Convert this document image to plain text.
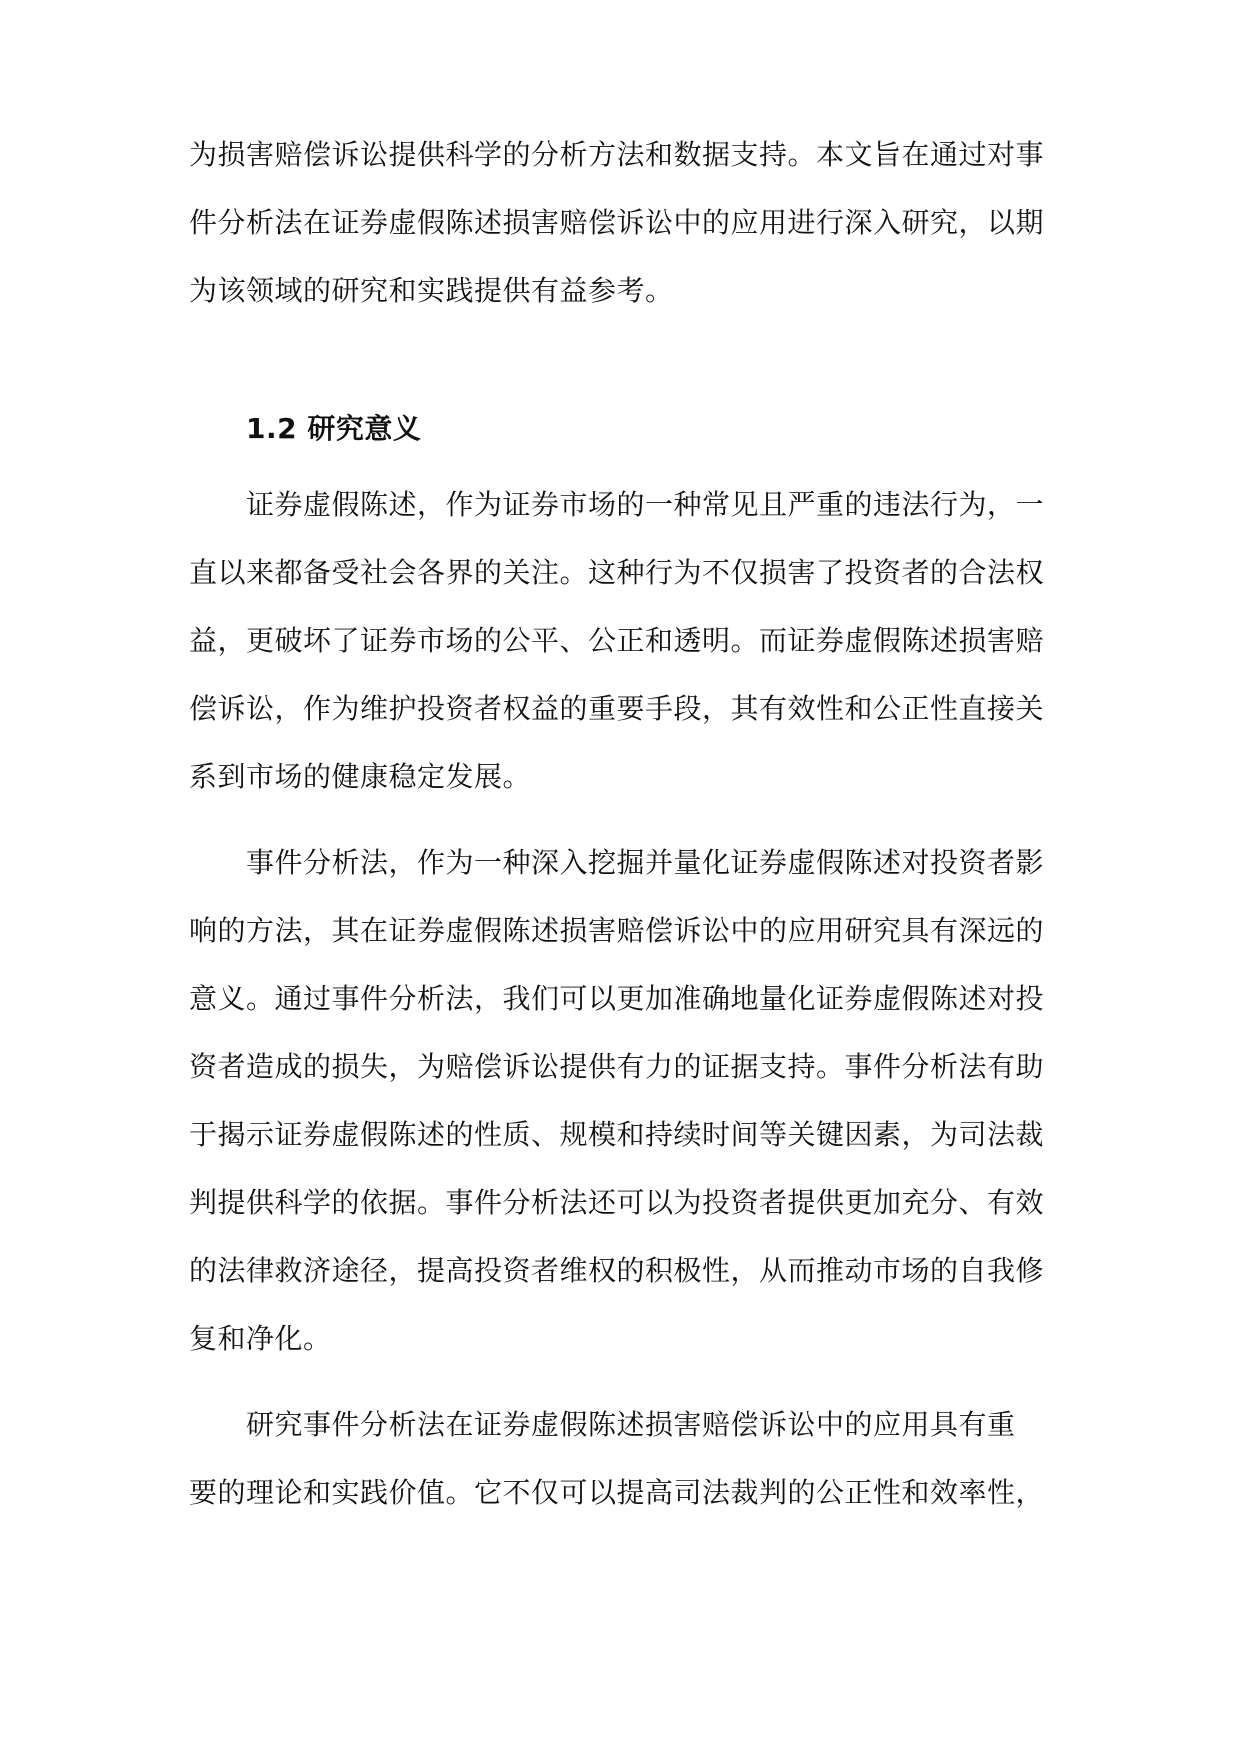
为损害赔偿诉讼提供科学的分析方法和数据支持。本文旨在通过对事

件分析法在证券虚假陈述损害赔偿诉讼中的应用进行深入研究，以期

为该领域的研究和实践提供有益参考。

1.2 研究意义

证券虚假陈述，作为证券市场的一种常见且严重的违法行为，一

直以来都备受社会各界的关注。这种行为不仅损害了投资者的合法权

益，更破坏了证券市场的公平、公正和透明。而证券虚假陈述损害赔

偿诉讼，作为维护投资者权益的重要手段，其有效性和公正性直接关

系到市场的健康稳定发展。

事件分析法，作为一种深入挖掘并量化证券虚假陈述对投资者影

响的方法，其在证券虚假陈述损害赔偿诉讼中的应用研究具有深远的

意义。通过事件分析法，我们可以更加准确地量化证券虚假陈述对投

资者造成的损失，为赔偿诉讼提供有力的证据支持。事件分析法有助

于揭示证券虚假陈述的性质、规模和持续时间等关键因素，为司法裁

判提供科学的依据。事件分析法还可以为投资者提供更加充分、有效

的法律救济途径，提高投资者维权的积极性，从而推动市场的自我修

复和净化。

研究事件分析法在证券虚假陈述损害赔偿诉讼中的应用具有重

要的理论和实践价值。它不仅可以提高司法裁判的公正性和效率性，
